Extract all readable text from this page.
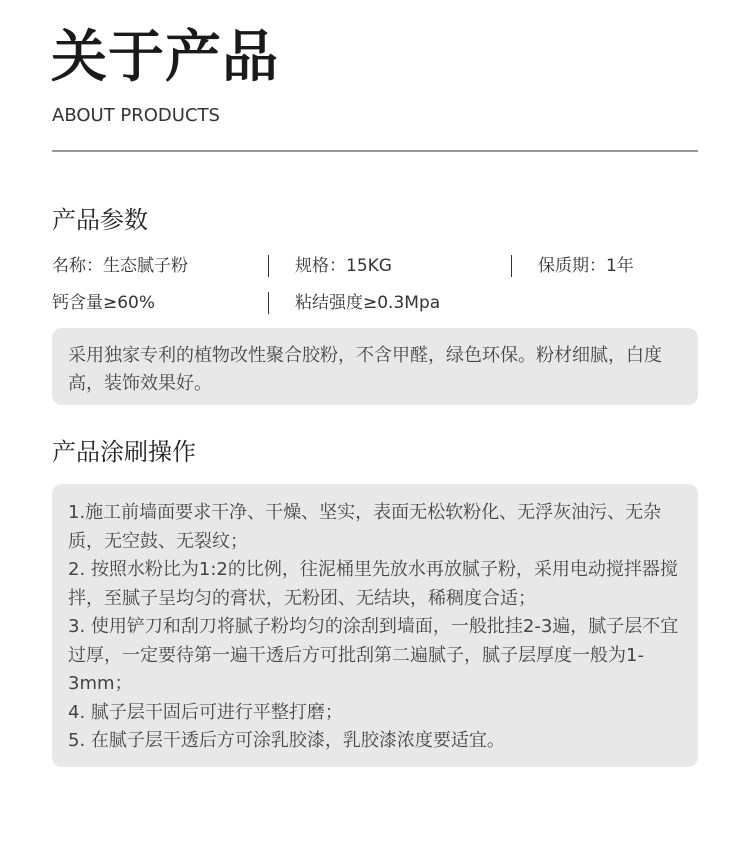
关于产品
ABOUT PRODUCTS
产品参数
名称：生态腻子粉	规格：15KG	保质期：1年
钙含量≥60%	粘结强度≥0.3Mpa

采用独家专利的植物改性聚合胶粉，不含甲醛，绿色环保。粉材细腻，白度高，装饰效果好。

产品涂刷操作

1.施工前墙面要求干净、干燥、坚实，表面无松软粉化、无浮灰油污、无杂质，无空鼓、无裂纹；

2. 按照水粉比为1:2的比例，往泥桶里先放水再放腻子粉，采用电动搅拌器搅拌，至腻子呈均匀的膏状，无粉团、无结块，稀稠度合适；

3. 使用铲刀和刮刀将腻子粉均匀的涂刮到墙面，一般批挂2-3遍，腻子层不宜过厚，一定要待第一遍干透后方可批刮第二遍腻子，腻子层厚度一般为1-3mm；

4. 腻子层干固后可进行平整打磨；

5. 在腻子层干透后方可涂乳胶漆，乳胶漆浓度要适宜。
